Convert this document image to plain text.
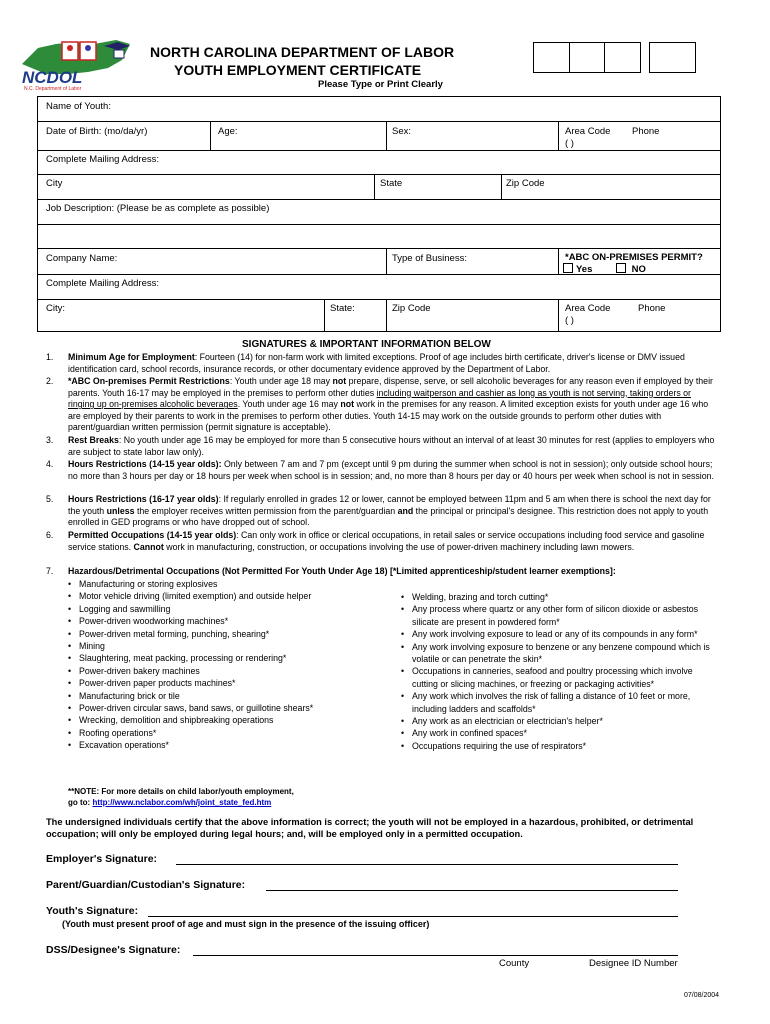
NCDOL
N.C. Department of Labor
NORTH CAROLINA DEPARTMENT OF LABOR
YOUTH EMPLOYMENT CERTIFICATE
Please Type or Print Clearly
Name of Youth:
Date of Birth: (mo/da/yr)	Age:	Sex:	Area Code Phone
( )
Complete Mailing Address:
City	State	Zip Code
Job Description: (Please be as complete as possible)
Company Name:	Type of Business:	*ABC ON-PREMISES PERMIT?
Yes	NO
Complete Mailing Address:
City:	State:	Zip Code	Area Code	Phone
( )
SIGNATURES & IMPORTANT INFORMATION BELOW
1. Minimum Age for Employment: Fourteen (14) for non-farm work with limited exceptions. Proof of age includes birth certificate, driver's license or DMV issued identification card, school records, insurance records, or other documentary evidence approved by the Department of Labor.
2. *ABC On-premises Permit Restrictions: Youth under age 18 may not prepare, dispense, serve, or sell alcoholic beverages for any reason even if employed by their parents. Youth 16-17 may be employed in the premises to perform other duties including waitperson and cashier as long as youth is not serving, taking orders or ringing up on-premises alcoholic beverages. Youth under age 16 may not work in the premises for any reason. A limited exception exists for youth under age 16 who are employed by their parents to work in the premises to perform other duties. Youth 14-15 may work on the outside grounds to perform other duties with parent/guardian written permission (permit signature is acceptable).
3. Rest Breaks: No youth under age 16 may be employed for more than 5 consecutive hours without an interval of at least 30 minutes for rest (applies to employers who are subject to state labor law only).
4. Hours Restrictions (14-15 year olds): Only between 7 am and 7 pm (except until 9 pm during the summer when school is not in session); only outside school hours; no more than 3 hours per day or 18 hours per week when school is in session; and, no more than 8 hours per day or 40 hours per week when school is not in session.
5. Hours Restrictions (16-17 year olds): If regularly enrolled in grades 12 or lower, cannot be employed between 11pm and 5 am when there is school the next day for the youth unless the employer receives written permission from the parent/guardian and the principal or principal's designee. This restriction does not apply to youth enrolled in GED programs or who have dropped out of school.
6. Permitted Occupations (14-15 year olds): Can only work in office or clerical occupations, in retail sales or service occupations including food service and gasoline service stations. Cannot work in manufacturing, construction, or occupations involving the use of power-driven machinery including lawn mowers.
7. Hazardous/Detrimental Occupations (Not Permitted For Youth Under Age 18) [*Limited apprenticeship/student learner exemptions]:
• Manufacturing or storing explosives
• Motor vehicle driving (limited exemption) and outside helper
• Logging and sawmilling
• Power-driven woodworking machines*
• Power-driven metal forming, punching, shearing*
• Mining
• Slaughtering, meat packing, processing or rendering*
• Power-driven bakery machines
• Power-driven paper products machines*
• Manufacturing brick or tile
• Power-driven circular saws, band saws, or guillotine shears*
• Wrecking, demolition and shipbreaking operations
• Roofing operations*
• Excavation operations*
• Welding, brazing and torch cutting*
• Any process where quartz or any other form of silicon dioxide or asbestos silicate are present in powdered form*
• Any work involving exposure to lead or any of its compounds in any form*
• Any work involving exposure to benzene or any benzene compound which is volatile or can penetrate the skin*
• Occupations in canneries, seafood and poultry processing which involve cutting or slicing machines, or freezing or packaging activities*
• Any work which involves the risk of falling a distance of 10 feet or more, including ladders and scaffolds*
• Any work as an electrician or electrician's helper*
• Any work in confined spaces*
• Occupations requiring the use of respirators*
**NOTE: For more details on child labor/youth employment,
go to: http://www.nclabor.com/wh/joint_state_fed.htm
The undersigned individuals certify that the above information is correct; the youth will not be employed in a hazardous, prohibited, or detrimental occupation; will only be employed during legal hours; and, will be employed only in a permitted occupation.
Employer's Signature:
Parent/Guardian/Custodian's Signature:
Youth's Signature:
(Youth must present proof of age and must sign in the presence of the issuing officer)
DSS/Designee's Signature:
County	Designee ID Number
07/08/2004
